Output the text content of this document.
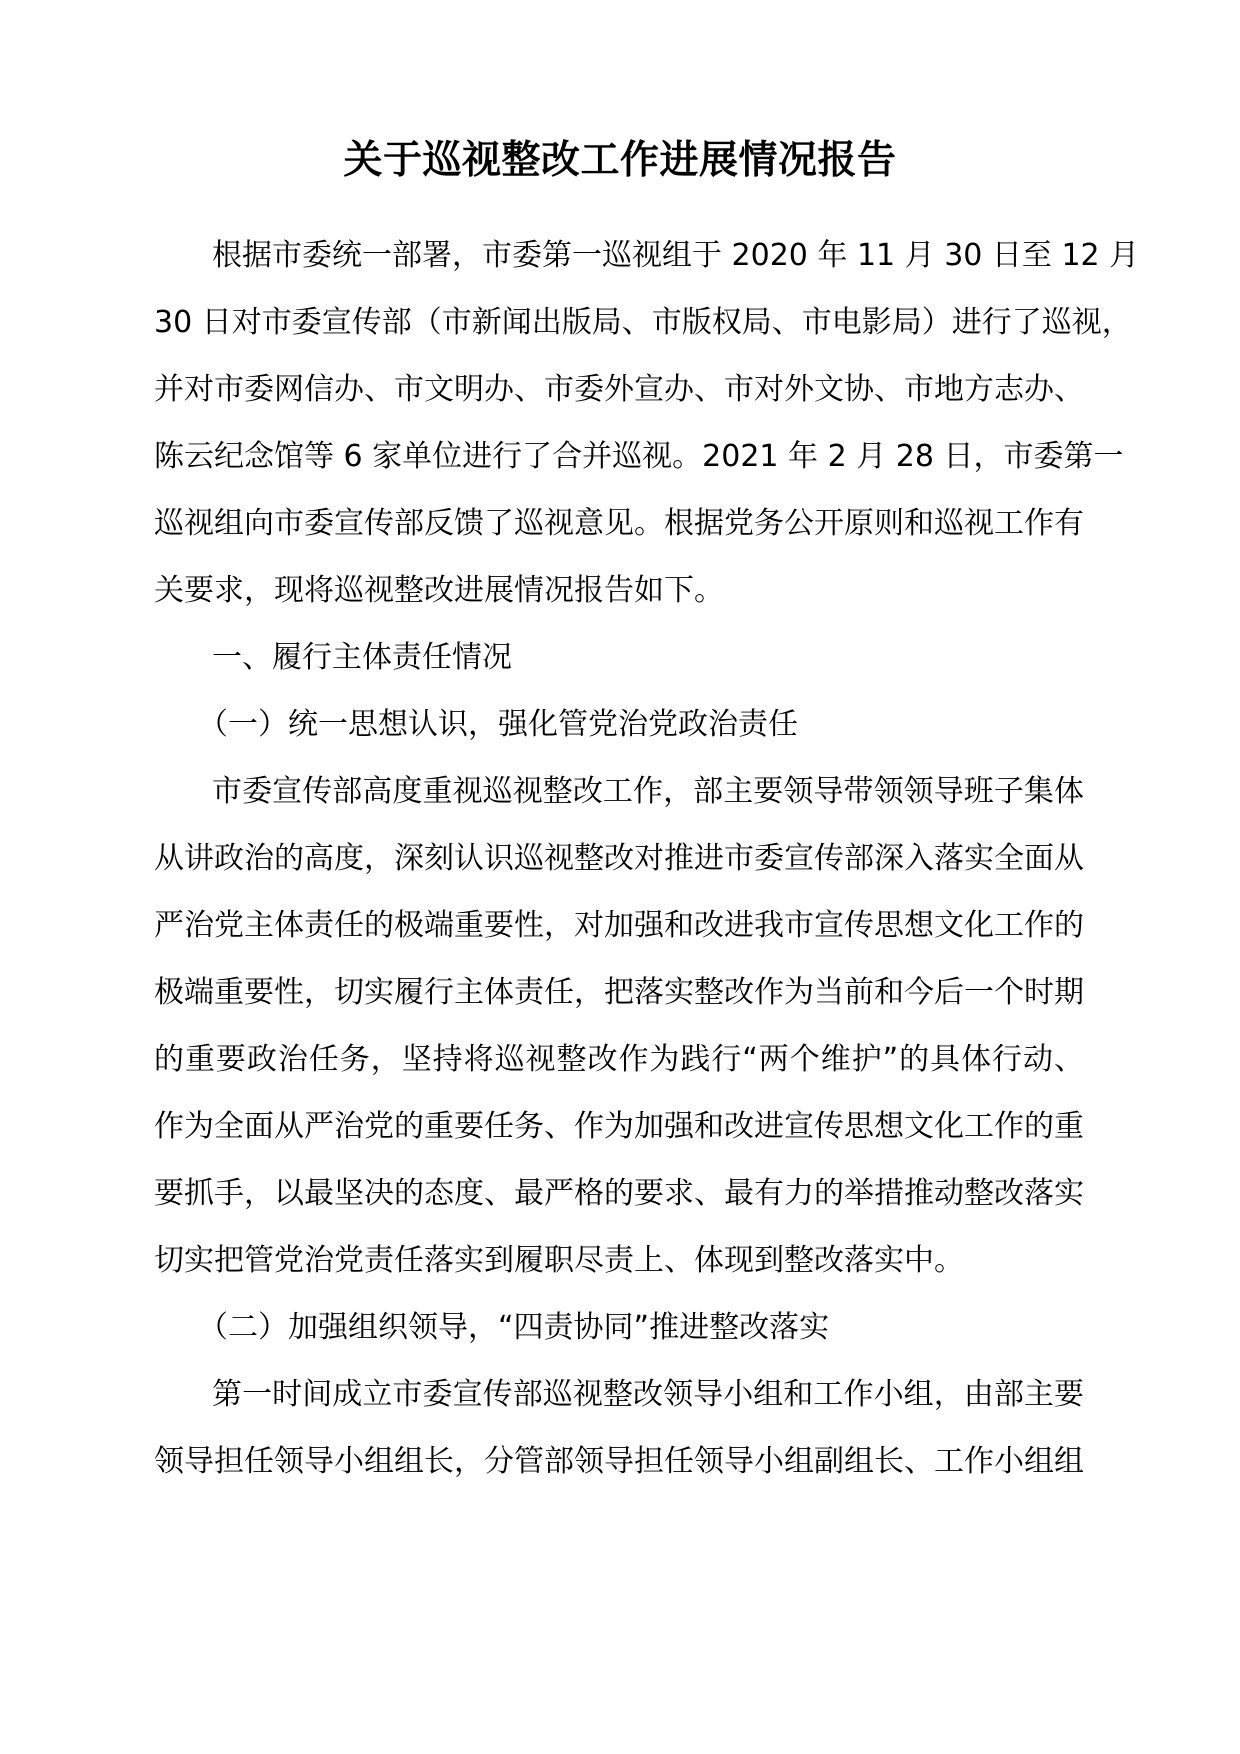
关于巡视整改工作进展情况报告
根据市委统一部署，市委第一巡视组于 2020 年 11 月 30 日至 12 月
30 日对市委宣传部（市新闻出版局、市版权局、市电影局）进行了巡视，
并对市委网信办、市文明办、市委外宣办、市对外文协、市地方志办、
陈云纪念馆等 6 家单位进行了合并巡视。2021 年 2 月 28 日，市委第一
巡视组向市委宣传部反馈了巡视意见。根据党务公开原则和巡视工作有
关要求，现将巡视整改进展情况报告如下。
一、履行主体责任情况
（一）统一思想认识，强化管党治党政治责任
市委宣传部高度重视巡视整改工作，部主要领导带领领导班子集体
从讲政治的高度，深刻认识巡视整改对推进市委宣传部深入落实全面从
严治党主体责任的极端重要性，对加强和改进我市宣传思想文化工作的
极端重要性，切实履行主体责任，把落实整改作为当前和今后一个时期
的重要政治任务，坚持将巡视整改作为践行“两个维护”的具体行动、
作为全面从严治党的重要任务、作为加强和改进宣传思想文化工作的重
要抓手，以最坚决的态度、最严格的要求、最有力的举措推动整改落实
切实把管党治党责任落实到履职尽责上、体现到整改落实中。
（二）加强组织领导，“四责协同”推进整改落实
第一时间成立市委宣传部巡视整改领导小组和工作小组，由部主要
领导担任领导小组组长，分管部领导担任领导小组副组长、工作小组组
